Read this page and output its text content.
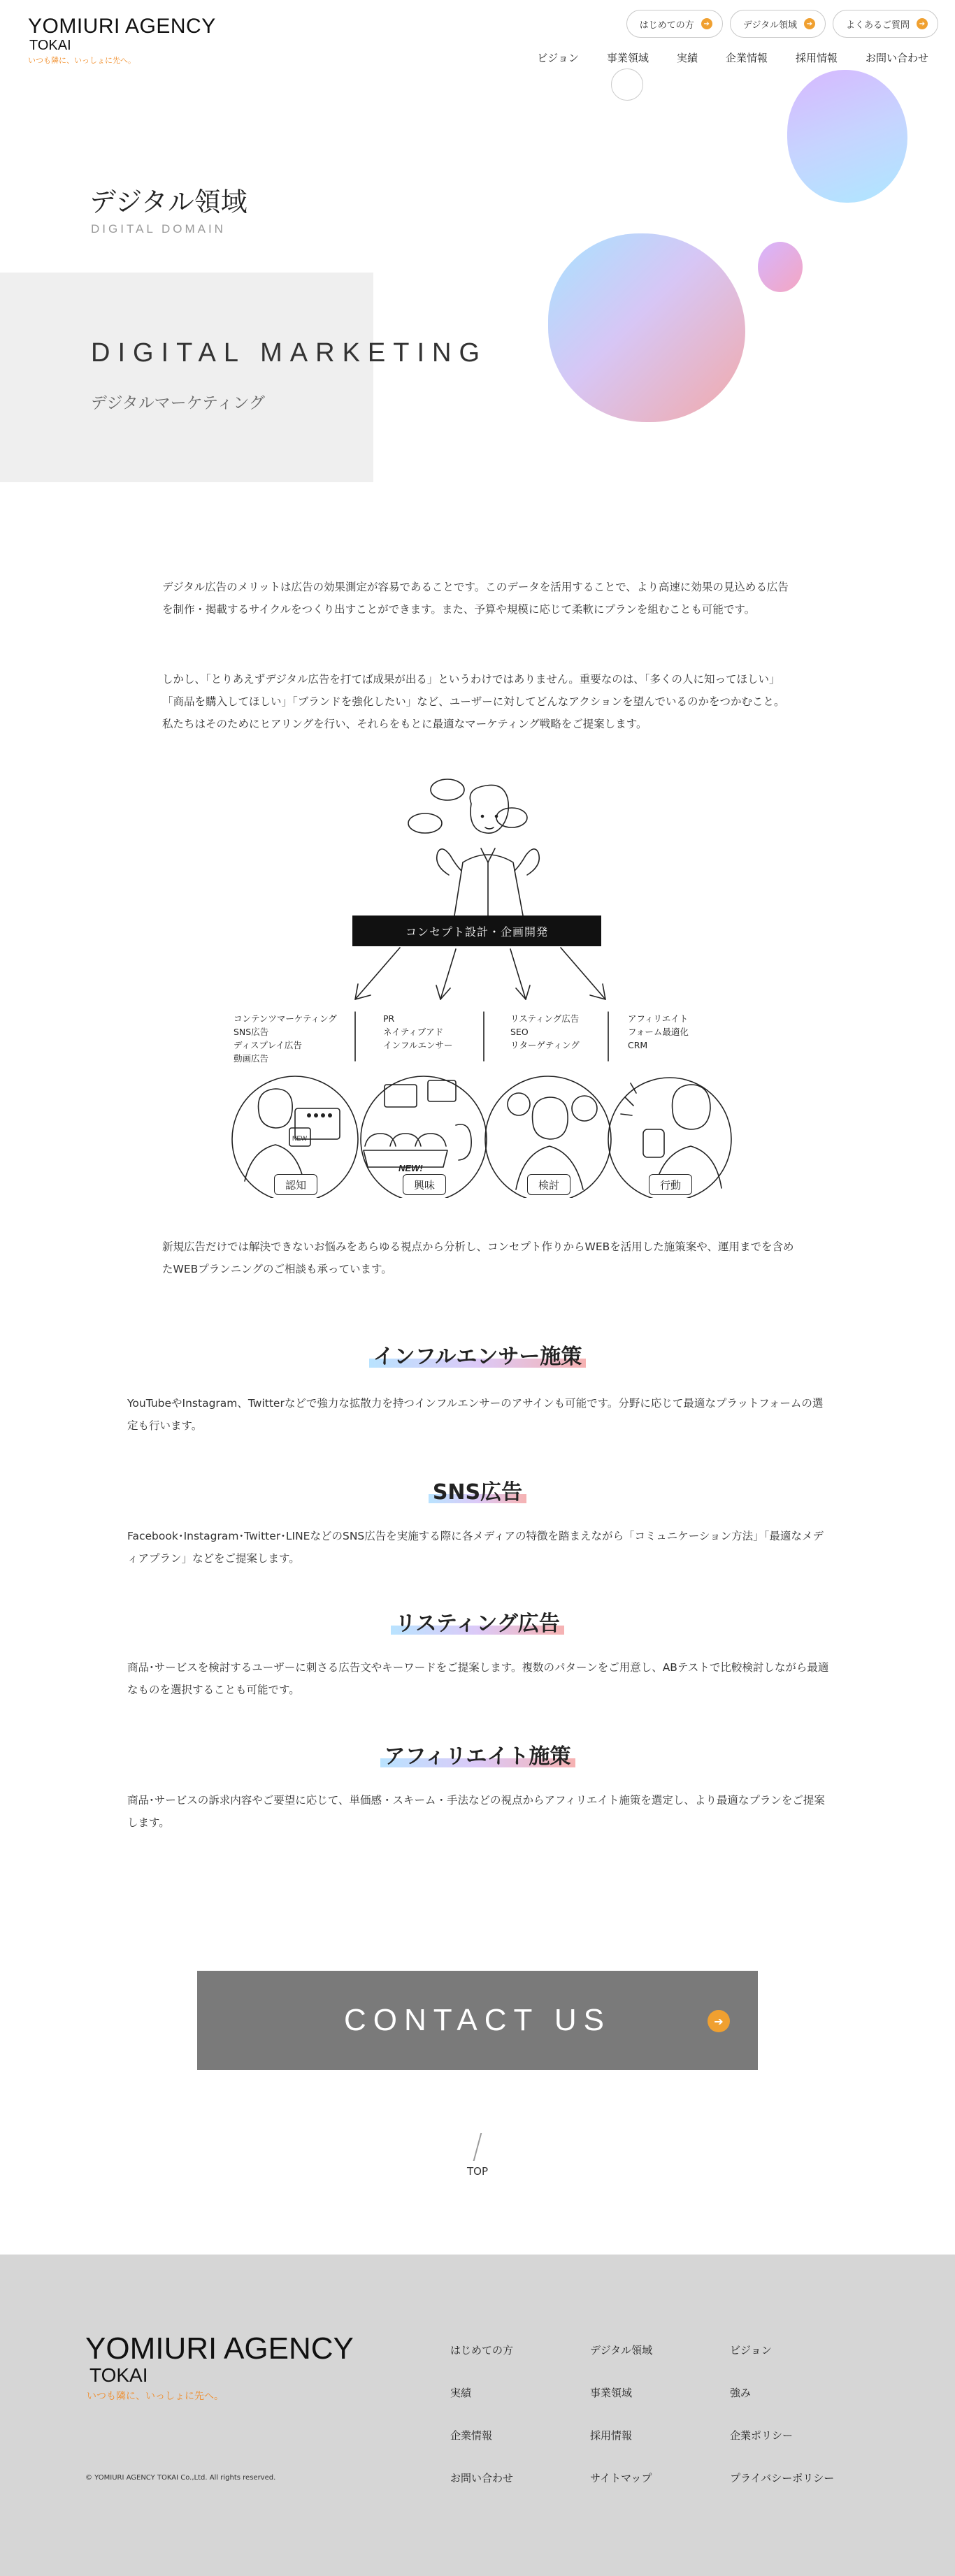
YOMIURI AGENCY
TOKAI
いつも隣に、いっしょに先へ。
はじめての方	➔	デジタル領域	➔	よくあるご質問	➔
ビジョン	事業領域	実績	企業情報	採用情報	お問い合わせ
デジタル領域
DIGITAL DOMAIN
DIGITAL MARKETING
デジタルマーケティング

デジタル広告のメリットは広告の効果測定が容易であることです。このデータを活用することで、より高速に効果の見込める広告を制作・掲載するサイクルをつくり出すことができます。また、予算や規模に応じて柔軟にプランを組むことも可能です。

しかし、「とりあえずデジタル広告を打てば成果が出る」というわけではありません。重要なのは、「多くの人に知ってほしい」「商品を購入してほしい」「ブランドを強化したい」など、ユーザーに対してどんなアクションを望んでいるのかをつかむこと。私たちはそのためにヒアリングを行い、それらをもとに最適なマーケティング戦略をご提案します。

NEW
NEW!
コンセプト設計・企画開発
コンテンツマーケティング
SNS広告
ディスプレイ広告
動画広告
PR
ネイティブアド
インフルエンサー
リスティング広告
SEO
リターゲティング
アフィリエイト
フォーム最適化
CRM
認知	興味	検討	行動

新規広告だけでは解決できないお悩みをあらゆる視点から分析し、コンセプト作りからWEBを活用した施策案や、運用までを含めたWEBプランニングのご相談も承っています。

インフルエンサー施策

YouTubeやInstagram、Twitterなどで強力な拡散力を持つインフルエンサーのアサインも可能です。分野に応じて最適なプラットフォームの選定も行います。

SNS広告

Facebook･Instagram･Twitter･LINEなどのSNS広告を実施する際に各メディアの特徴を踏まえながら「コミュニケーション方法」「最適なメディアプラン」などをご提案します。

リスティング広告

商品･サービスを検討するユーザーに刺さる広告文やキーワードをご提案します。複数のパターンをご用意し、ABテストで比較検討しながら最適なものを選択することも可能です。

アフィリエイト施策

商品･サービスの訴求内容やご要望に応じて、単価感・スキーム・手法などの視点からアフィリエイト施策を選定し、より最適なプランをご提案します。

CONTACT US	➔
TOP
YOMIURI AGENCY
TOKAI
いつも隣に、いっしょに先へ。
© YOMIURI AGENCY TOKAI Co.,Ltd. All rights reserved.
はじめての方	デジタル領域	ビジョン
実績	事業領域	強み
企業情報	採用情報	企業ポリシー
お問い合わせ	サイトマップ	プライバシーポリシー
